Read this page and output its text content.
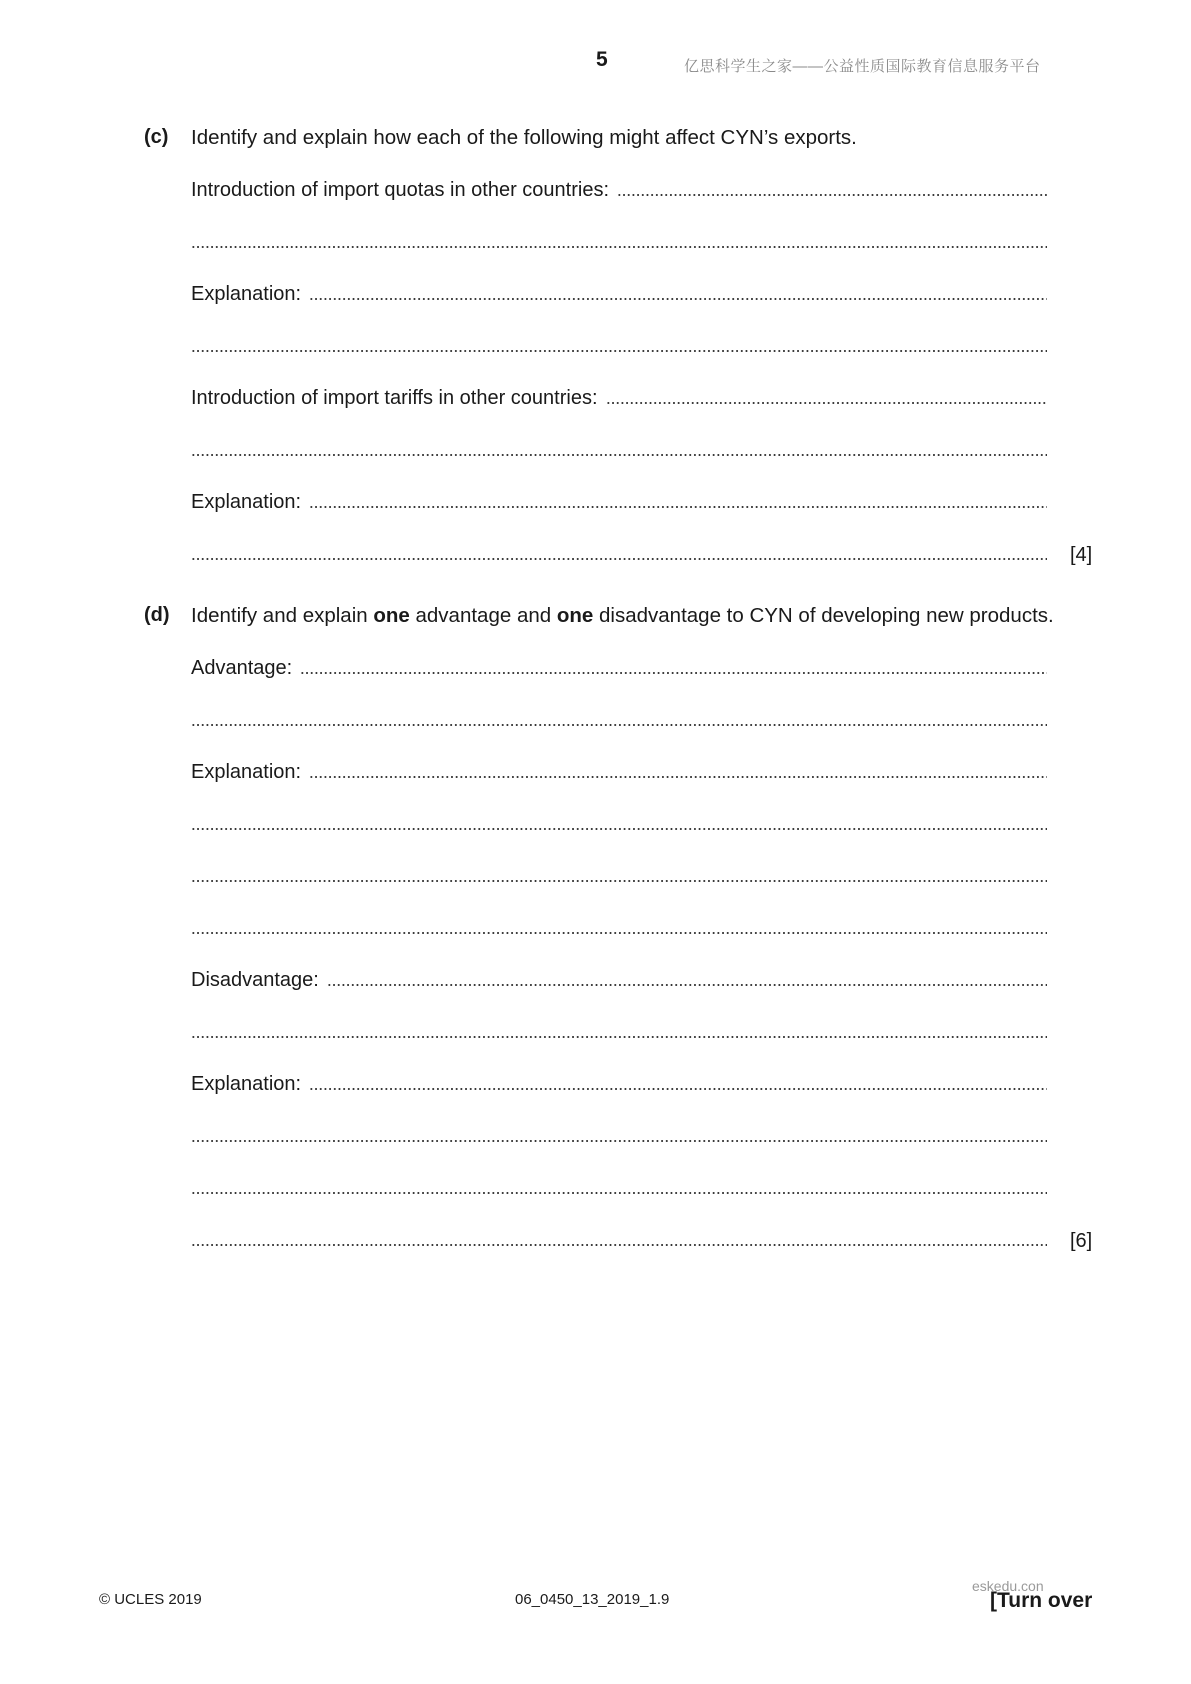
5	亿思科学生之家——公益性质国际教育信息服务平台
(c) Identify and explain how each of the following might affect CYN’s exports.
Introduction of import quotas in other countries:
Explanation:
Introduction of import tariffs in other countries:
Explanation:
[4]
(d) Identify and explain one advantage and one disadvantage to CYN of developing new products.
Advantage:
Explanation:
Disadvantage:
Explanation:
[6]
© UCLES 2019	06_0450_13_2019_1.9
eskedu.con
[Turn over
